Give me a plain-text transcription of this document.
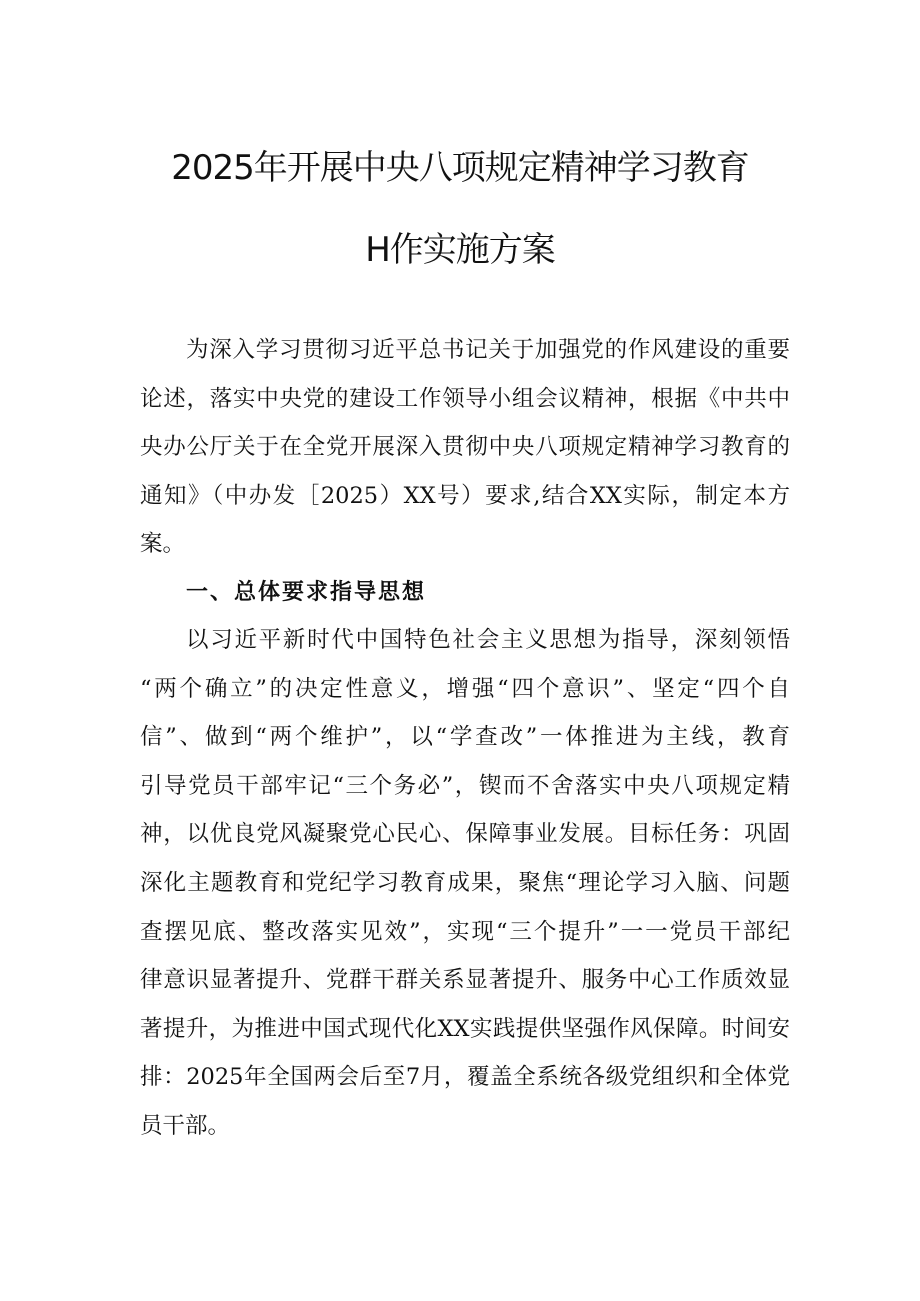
2025年开展中央八项规定精神学习教育
H作实施方案
为深入学习贯彻习近平总书记关于加强党的作风建设的重要
论述，落实中央党的建设工作领导小组会议精神，根据《中共中
央办公厅关于在全党开展深入贯彻中央八项规定精神学习教育的
通知》（中办发［2025）XX号）要求,结合XX实际，制定本方
案。
一、总体要求指导思想
以习近平新时代中国特色社会主义思想为指导，深刻领悟
“两个确立”的决定性意义，增强“四个意识”、坚定“四个自
信”、做到“两个维护”，以“学查改”一体推进为主线，教育
引导党员干部牢记“三个务必”，锲而不舍落实中央八项规定精
神，以优良党风凝聚党心民心、保障事业发展。目标任务：巩固
深化主题教育和党纪学习教育成果，聚焦“理论学习入脑、问题
查摆见底、整改落实见效”，实现“三个提升”一一党员干部纪
律意识显著提升、党群干群关系显著提升、服务中心工作质效显
著提升，为推进中国式现代化XX实践提供坚强作风保障。时间安
排：2025年全国两会后至7月，覆盖全系统各级党组织和全体党
员干部。
